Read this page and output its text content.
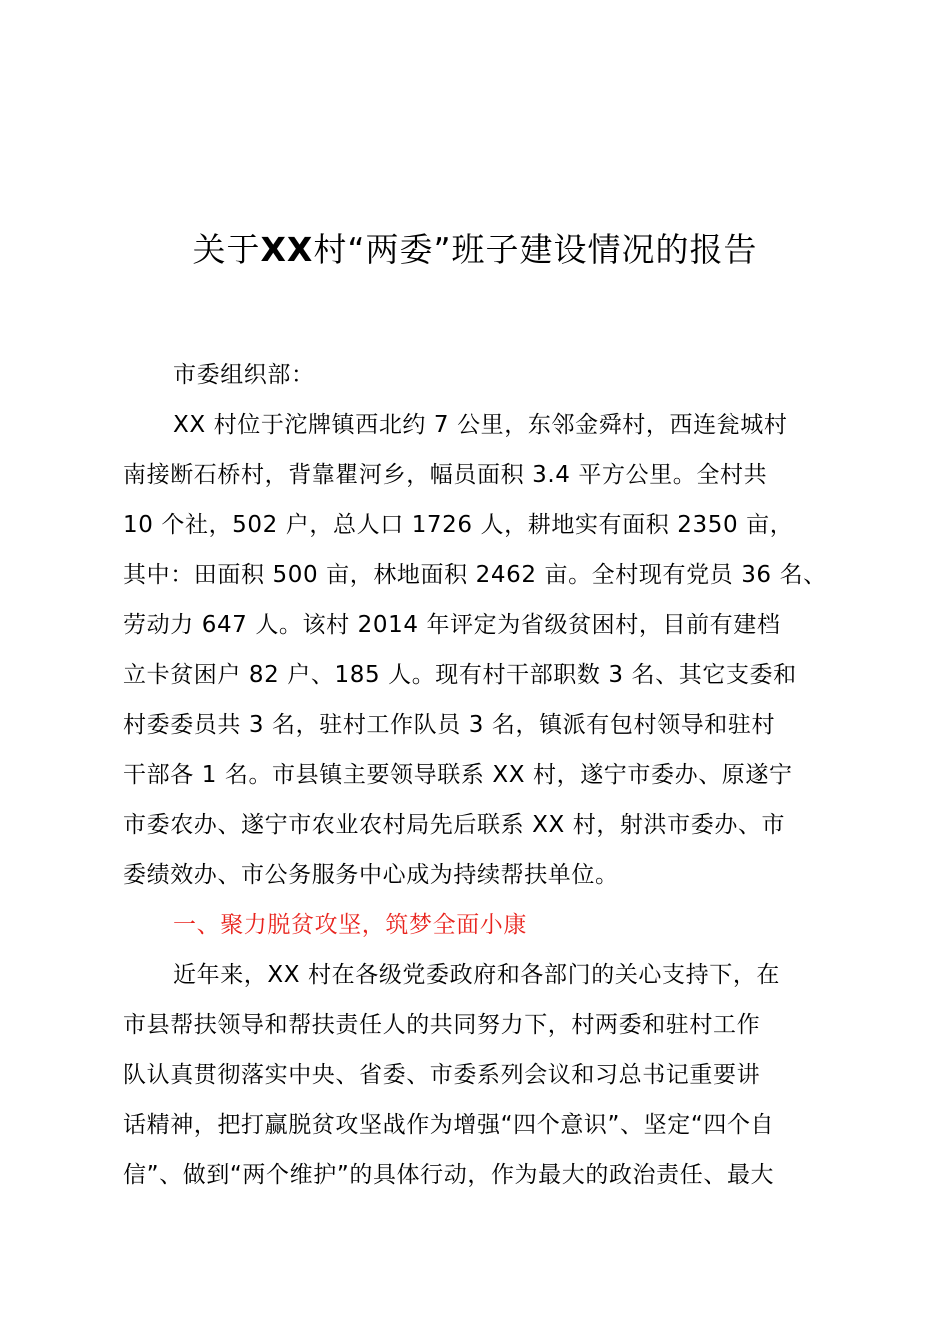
关于XX村“两委”班子建设情况的报告
市委组织部：
XX 村位于沱牌镇西北约 7 公里，东邻金舜村，西连瓮城村
南接断石桥村，背靠瞿河乡，幅员面积 3.4 平方公里。全村共
10 个社，502 户，总人口 1726 人，耕地实有面积 2350 亩，
其中：田面积 500 亩，林地面积 2462 亩。全村现有党员 36 名、
劳动力 647 人。该村 2014 年评定为省级贫困村，目前有建档
立卡贫困户 82 户、185 人。现有村干部职数 3 名、其它支委和
村委委员共 3 名，驻村工作队员 3 名，镇派有包村领导和驻村
干部各 1 名。市县镇主要领导联系 XX 村，遂宁市委办、原遂宁
市委农办、遂宁市农业农村局先后联系 XX 村，射洪市委办、市
委绩效办、市公务服务中心成为持续帮扶单位。
一、聚力脱贫攻坚，筑梦全面小康
近年来，XX 村在各级党委政府和各部门的关心支持下，在
市县帮扶领导和帮扶责任人的共同努力下，村两委和驻村工作
队认真贯彻落实中央、省委、市委系列会议和习总书记重要讲
话精神，把打赢脱贫攻坚战作为增强“四个意识”、坚定“四个自
信”、做到“两个维护”的具体行动，作为最大的政治责任、最大
